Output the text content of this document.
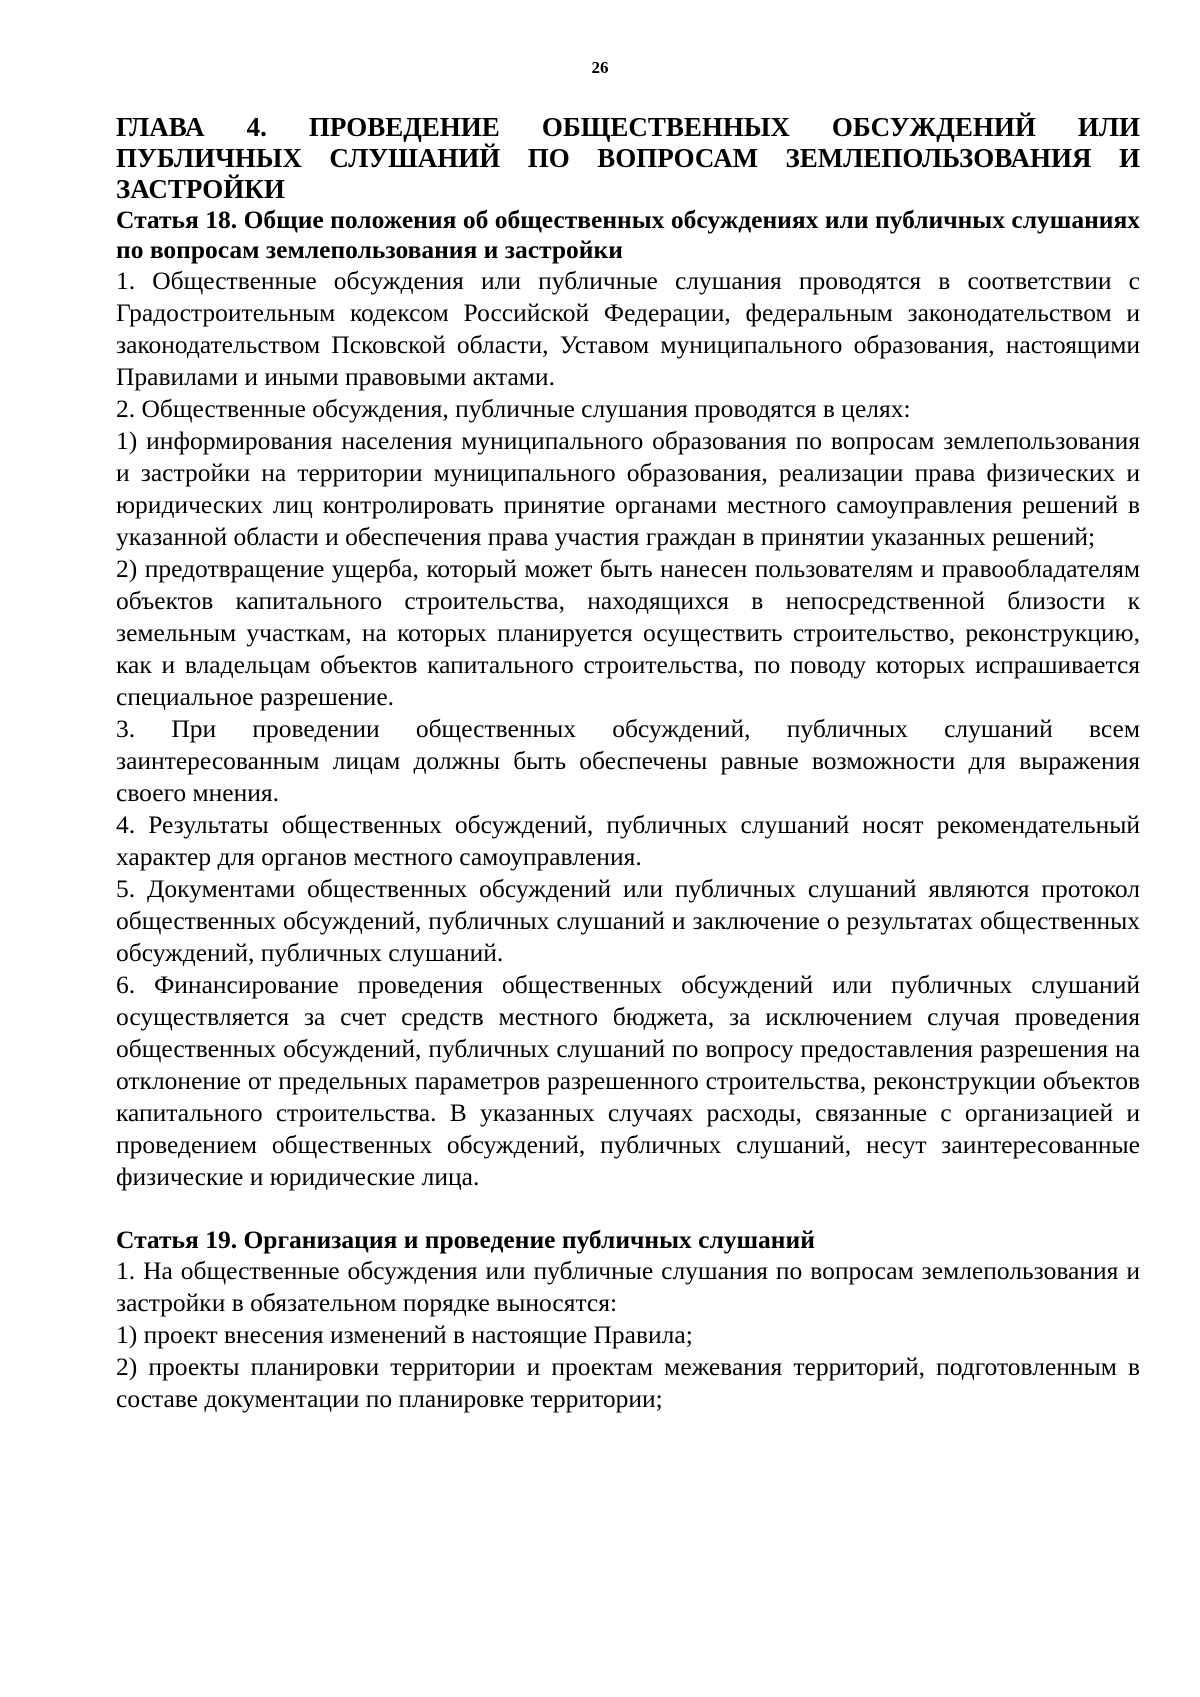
26
ГЛАВА 4. ПРОВЕДЕНИЕ ОБЩЕСТВЕННЫХ ОБСУЖДЕНИЙ ИЛИ ПУБЛИЧНЫХ СЛУШАНИЙ ПО ВОПРОСАМ ЗЕМЛЕПОЛЬЗОВАНИЯ И ЗАСТРОЙКИ
Статья 18. Общие положения об общественных обсуждениях или публичных слушаниях по вопросам землепользования и застройки

1. Общественные обсуждения или публичные слушания проводятся в соответствии с Градостроительным кодексом Российской Федерации, федеральным законодательством и законодательством Псковской области, Уставом муниципального образования, настоящими Правилами и иными правовыми актами.

2. Общественные обсуждения, публичные слушания проводятся в целях:

1) информирования населения муниципального образования по вопросам землепользования и застройки на территории муниципального образования, реализации права физических и юридических лиц контролировать принятие органами местного самоуправления решений в указанной области и обеспечения права участия граждан в принятии указанных решений;

2) предотвращение ущерба, который может быть нанесен пользователям и правообладателям объектов капитального строительства, находящихся в непосредственной близости к земельным участкам, на которых планируется осуществить строительство, реконструкцию, как и владельцам объектов капитального строительства, по поводу которых испрашивается специальное разрешение.

3. При проведении общественных обсуждений, публичных слушаний всем заинтересованным лицам должны быть обеспечены равные возможности для выражения своего мнения.

4. Результаты общественных обсуждений, публичных слушаний носят рекомендательный характер для органов местного самоуправления.

5. Документами общественных обсуждений или публичных слушаний являются протокол общественных обсуждений, публичных слушаний и заключение о результатах общественных обсуждений, публичных слушаний.

6. Финансирование проведения общественных обсуждений или публичных слушаний осуществляется за счет средств местного бюджета, за исключением случая проведения общественных обсуждений, публичных слушаний по вопросу предоставления разрешения на отклонение от предельных параметров разрешенного строительства, реконструкции объектов капитального строительства. В указанных случаях расходы, связанные с организацией и проведением общественных обсуждений, публичных слушаний, несут заинтересованные физические и юридические лица.

Статья 19. Организация и проведение публичных слушаний

1. На общественные обсуждения или публичные слушания по вопросам землепользования и застройки в обязательном порядке выносятся:

1) проект внесения изменений в настоящие Правила;

2) проекты планировки территории и проектам межевания территорий, подготовленным в составе документации по планировке территории;
